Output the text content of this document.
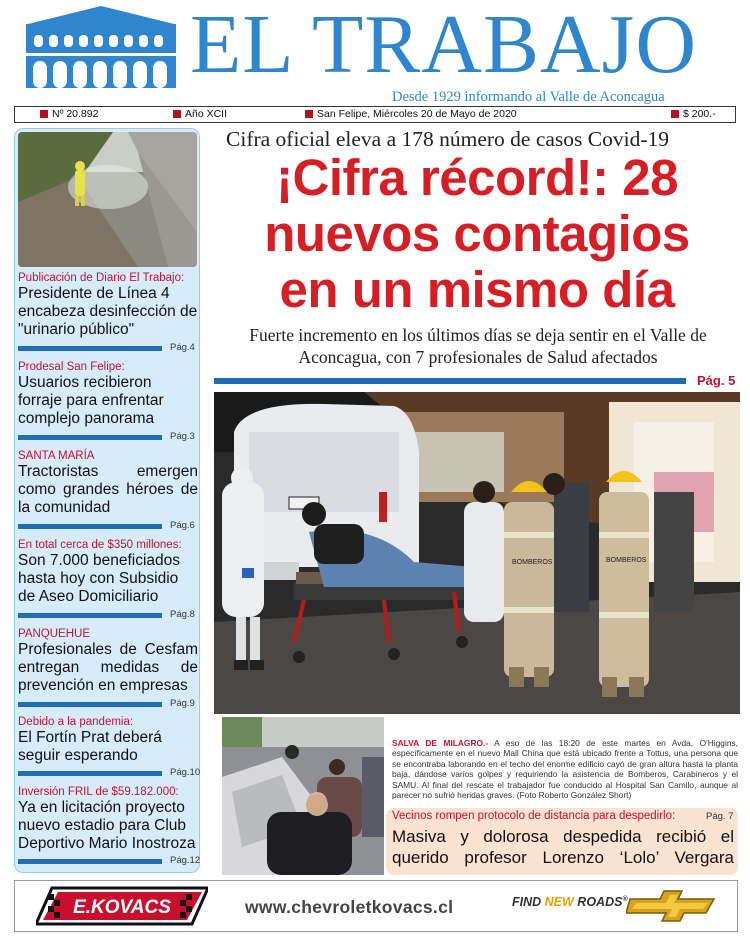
EL TRABAJO
Desde 1929 informando al Valle de Aconcagua
Nº 20.892	Año XCII	San Felipe, Miércoles 20 de Mayo de 2020	$ 200.-
Publicación de Diario El Trabajo:
Presidente de Línea 4 encabeza desinfección de "urinario público"
Pág.4
Prodesal San Felipe:
Usuarios recibieron forraje para enfrentar complejo panorama
Pág.3
SANTA MARÍA
Tractoristas emergen como grandes héroes de la comunidad
Pág.6
En total cerca de $350 millones:
Son 7.000 beneficiados hasta hoy con Subsidio de Aseo Domiciliario
Pág.8
PANQUEHUE
Profesionales de Cesfam entregan medidas de prevención en empresas
Pág.9
Debido a la pandemia:
El Fortín Prat deberá seguir esperando
Pág.10
Inversión FRIL de $59.182.000:
Ya en licitación proyecto nuevo estadio para Club Deportivo Mario Inostroza
Pág.12
Cifra oficial eleva a 178 número de casos Covid-19
¡Cifra récord!: 28
nuevos contagios
en un mismo día
Fuerte incremento en los últimos días se deja sentir en el Valle de Aconcagua, con 7 profesionales de Salud afectados
Pág. 5
BOMBEROS	BOMBEROS
SALVA DE MILAGRO.- A eso de las 18:20 de este martes en Avda. O'Higgins, específicamente en el nuevo Mall China que está ubicado frente a Tottus, una persona que se encontraba laborando en el techo del enorme edificio cayó de gran altura hasta la planta baja, dándose varios golpes y requiriendo la asistencia de Bomberos, Carabineros y el SAMU. Al final del rescate el trabajador fue conducido al Hospital San Camilo, aunque al parecer no sufrió heridas graves. (Foto Roberto González Short)
Vecinos rompen protocolo de distancia para despedirlo:	Pág. 7
Masiva y dolorosa despedida recibió el querido profesor Lorenzo ‘Lolo’ Vergara
E.KOVACS	www.chevroletkovacs.cl	FIND NEW ROADS®
